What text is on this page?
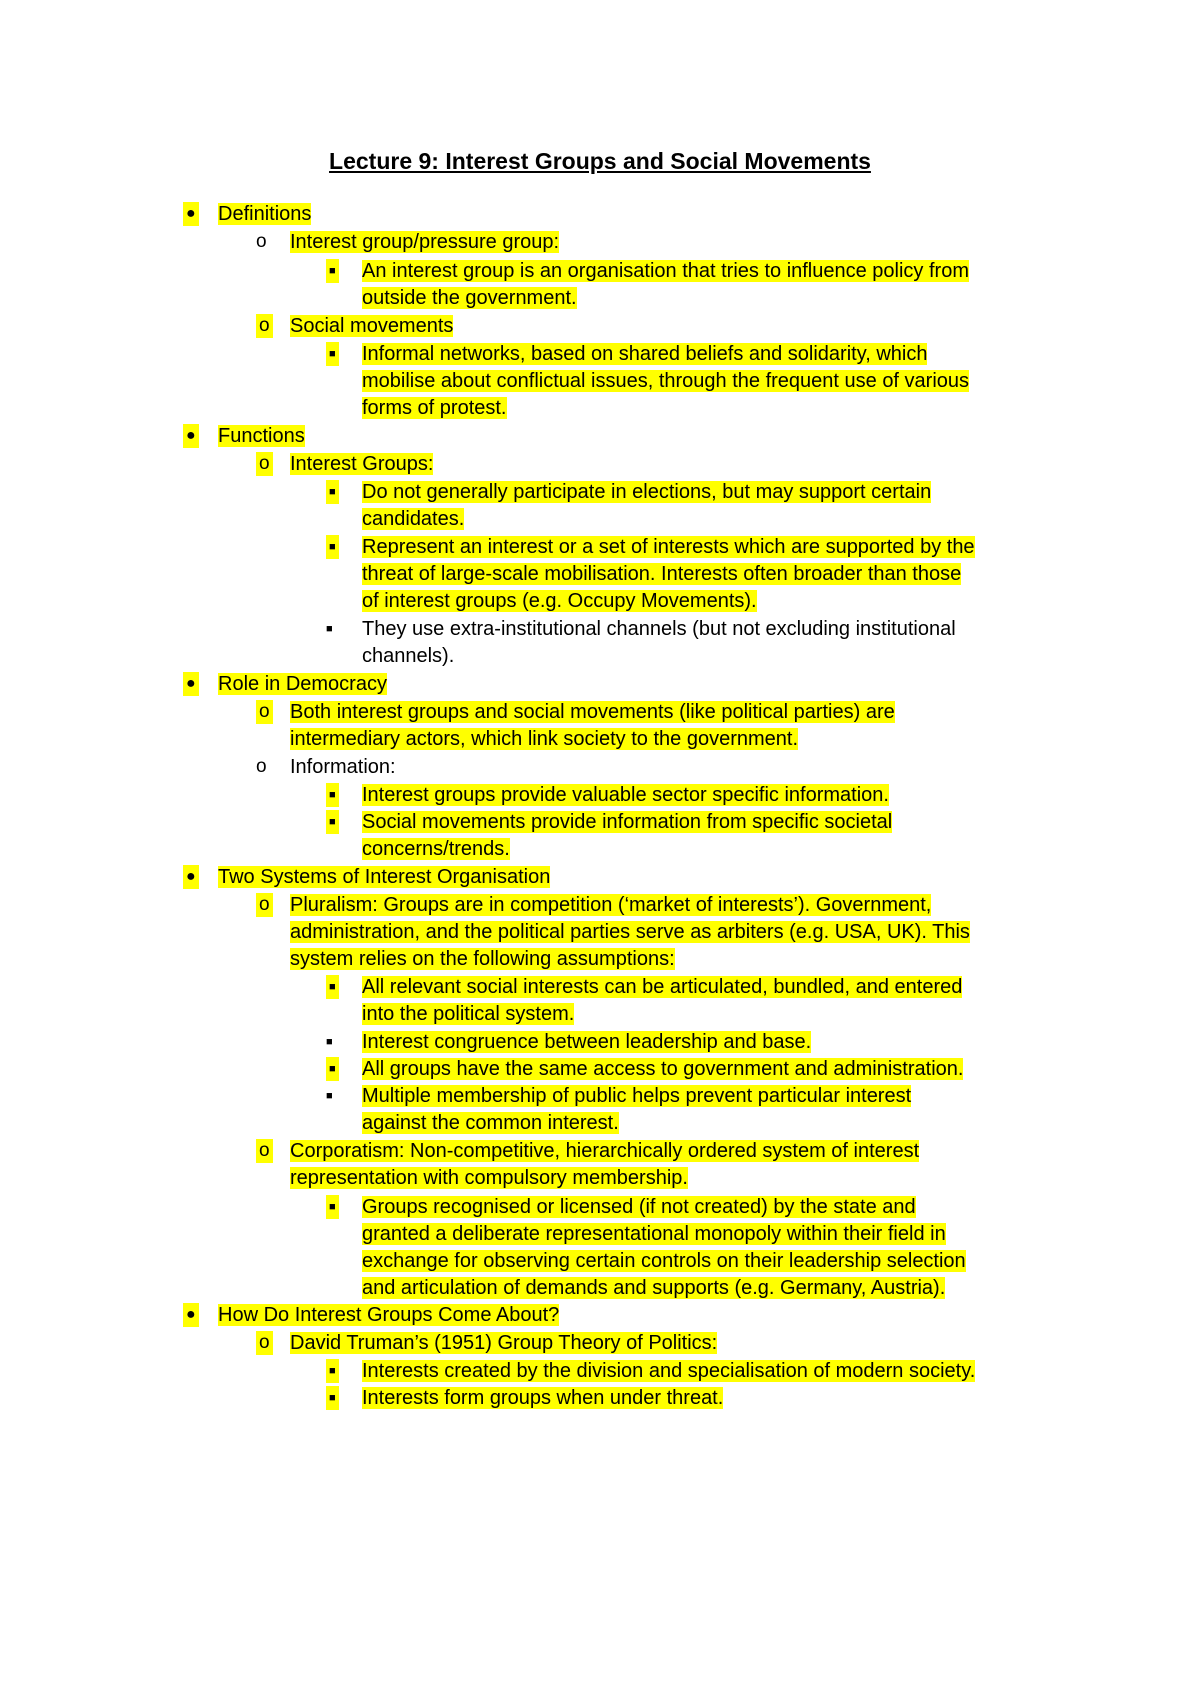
Lecture 9: Interest Groups and Social Movements
● Definitions
o Interest group/pressure group:
■ An interest group is an organisation that tries to influence policy from
outside the government.
o Social movements
■ Informal networks, based on shared beliefs and solidarity, which
mobilise about conflictual issues, through the frequent use of various
forms of protest.
● Functions
o Interest Groups:
■ Do not generally participate in elections, but may support certain
candidates.
■ Represent an interest or a set of interests which are supported by the
threat of large-scale mobilisation. Interests often broader than those
of interest groups (e.g. Occupy Movements).
■ They use extra-institutional channels (but not excluding institutional
channels).
● Role in Democracy
o Both interest groups and social movements (like political parties) are
intermediary actors, which link society to the government.
o Information:
■ Interest groups provide valuable sector specific information.
■ Social movements provide information from specific societal
concerns/trends.
● Two Systems of Interest Organisation
o Pluralism: Groups are in competition (‘market of interests’). Government,
administration, and the political parties serve as arbiters (e.g. USA, UK). This
system relies on the following assumptions:
■ All relevant social interests can be articulated, bundled, and entered
into the political system.
■ Interest congruence between leadership and base.
■ All groups have the same access to government and administration.
■ Multiple membership of public helps prevent particular interest
against the common interest.
o Corporatism: Non-competitive, hierarchically ordered system of interest
representation with compulsory membership.
■ Groups recognised or licensed (if not created) by the state and
granted a deliberate representational monopoly within their field in
exchange for observing certain controls on their leadership selection
and articulation of demands and supports (e.g. Germany, Austria).
● How Do Interest Groups Come About?
o David Truman’s (1951) Group Theory of Politics:
■ Interests created by the division and specialisation of modern society.
■ Interests form groups when under threat.
